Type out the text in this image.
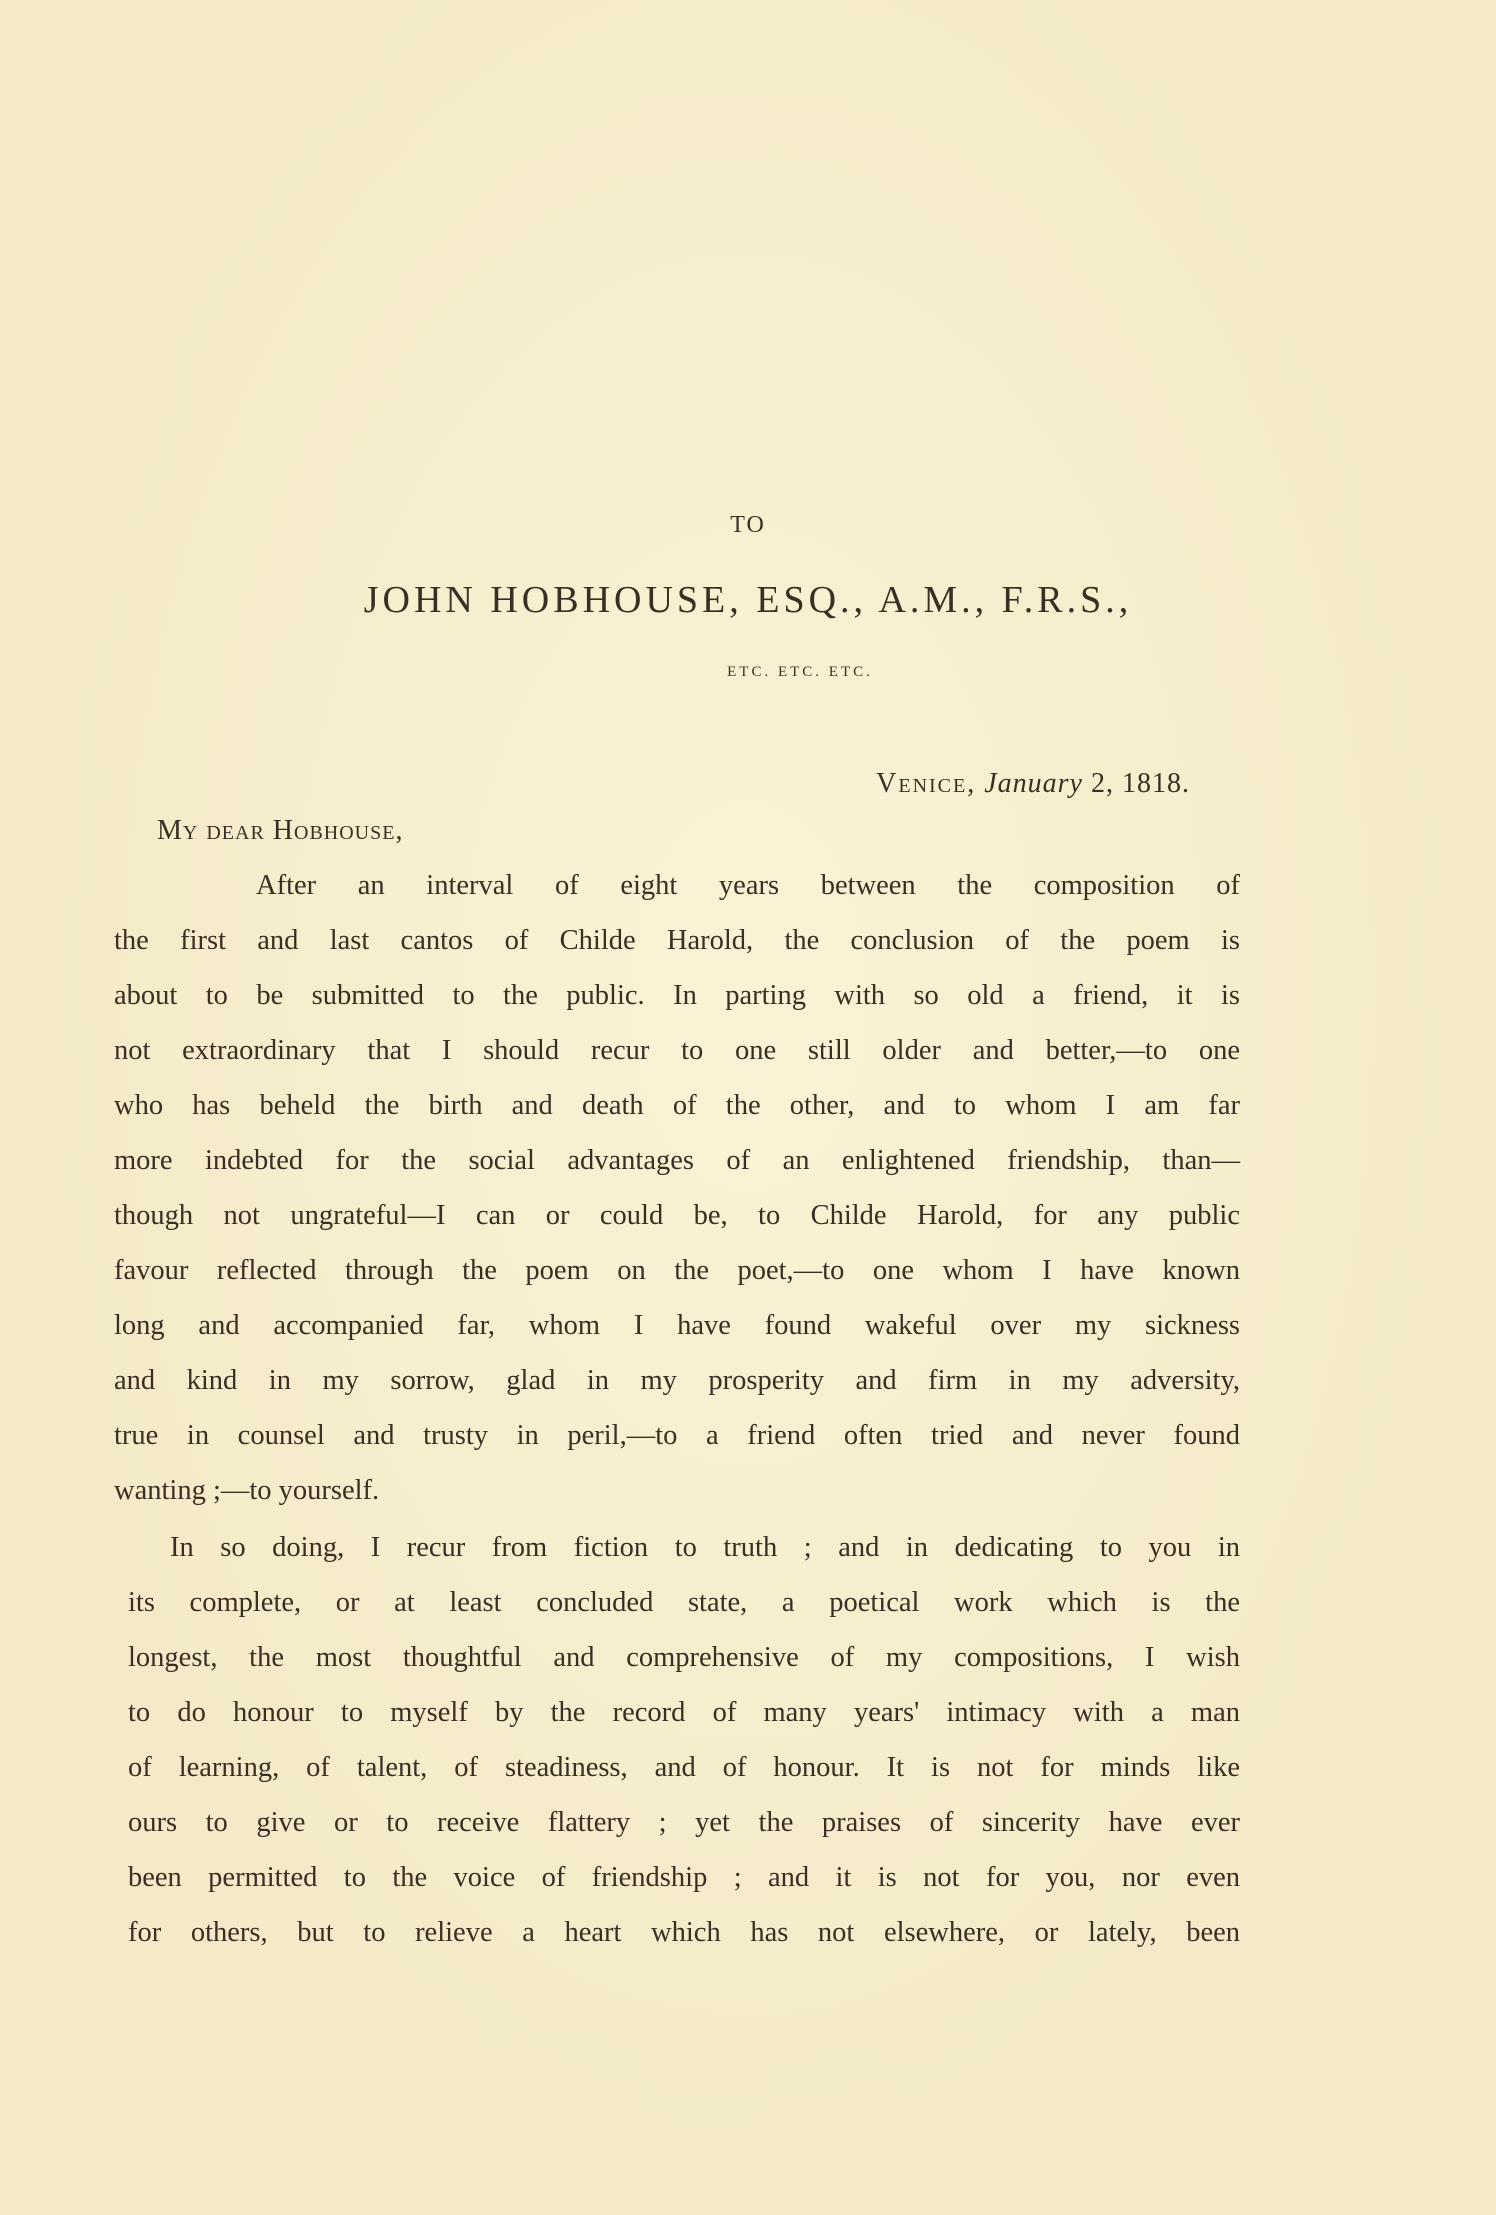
TO
JOHN HOBHOUSE, ESQ., A.M., F.R.S.,
ETC. ETC. ETC.
Venice, January 2, 1818.
My dear Hobhouse,
After an interval of eight years between the composition of
the first and last cantos of Childe Harold, the conclusion of the poem is
about to be submitted to the public. In parting with so old a friend, it is
not extraordinary that I should recur to one still older and better,—to one
who has beheld the birth and death of the other, and to whom I am far
more indebted for the social advantages of an enlightened friendship, than—
though not ungrateful—I can or could be, to Childe Harold, for any public
favour reflected through the poem on the poet,—to one whom I have known
long and accompanied far, whom I have found wakeful over my sickness
and kind in my sorrow, glad in my prosperity and firm in my adversity,
true in counsel and trusty in peril,—to a friend often tried and never found
wanting ;—to yourself.
In so doing, I recur from fiction to truth ; and in dedicating to you in
its complete, or at least concluded state, a poetical work which is the
longest, the most thoughtful and comprehensive of my compositions, I wish
to do honour to myself by the record of many years' intimacy with a man
of learning, of talent, of steadiness, and of honour. It is not for minds like
ours to give or to receive flattery ; yet the praises of sincerity have ever
been permitted to the voice of friendship ; and it is not for you, nor even
for others, but to relieve a heart which has not elsewhere, or lately, been
